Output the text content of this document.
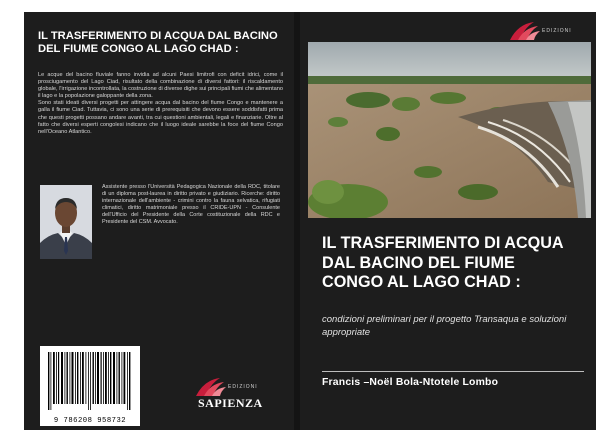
IL TRASFERIMENTO DI ACQUA DAL BACINO DEL FIUME CONGO AL LAGO CHAD :

Le acque del bacino fluviale fanno invidia ad alcuni Paesi limitrofi con deficit idrici, come il prosciugamento del Lago Ciad, risultato della combinazione di diversi fattori: il riscaldamento globale, l'irrigazione incontrollata, la costruzione di diverse dighe sui principali fiumi che alimentano il lago e la popolazione galoppante della zona.

Sono stati ideati diversi progetti per attingere acqua dal bacino del fiume Congo e mantenere a galla il fiume Ciad. Tuttavia, ci sono una serie di prerequisiti che devono essere soddisfatti prima che questi progetti possano andare avanti, tra cui questioni ambientali, legali e finanziarie. Oltre al fatto che diversi esperti congolesi indicano che il luogo ideale sarebbe la foce del fiume Congo nell'Oceano Atlantico.

Assistente presso l'Università Pedagogica Nazionale della RDC, titolare di un diploma post-laurea in diritto privato e giudiziario. Ricerche: diritto internazionale dell'ambiente - crimini contro la fauna selvatica, rifugiati climatici, diritto matrimoniale presso il CRIDE-UPN - Consulente dell'Ufficio del Presidente della Corte costituzionale della RDC e Presidente del CSM. Avvocato.
9 786208 958732
EDIZIONI
SAPIENZA
EDIZIONI
IL TRASFERIMENTO DI ACQUA DAL BACINO DEL FIUME CONGO AL LAGO CHAD :
condizioni preliminari per il progetto Transaqua e soluzioni appropriate
Francis –Noël Bola-Ntotele Lombo
